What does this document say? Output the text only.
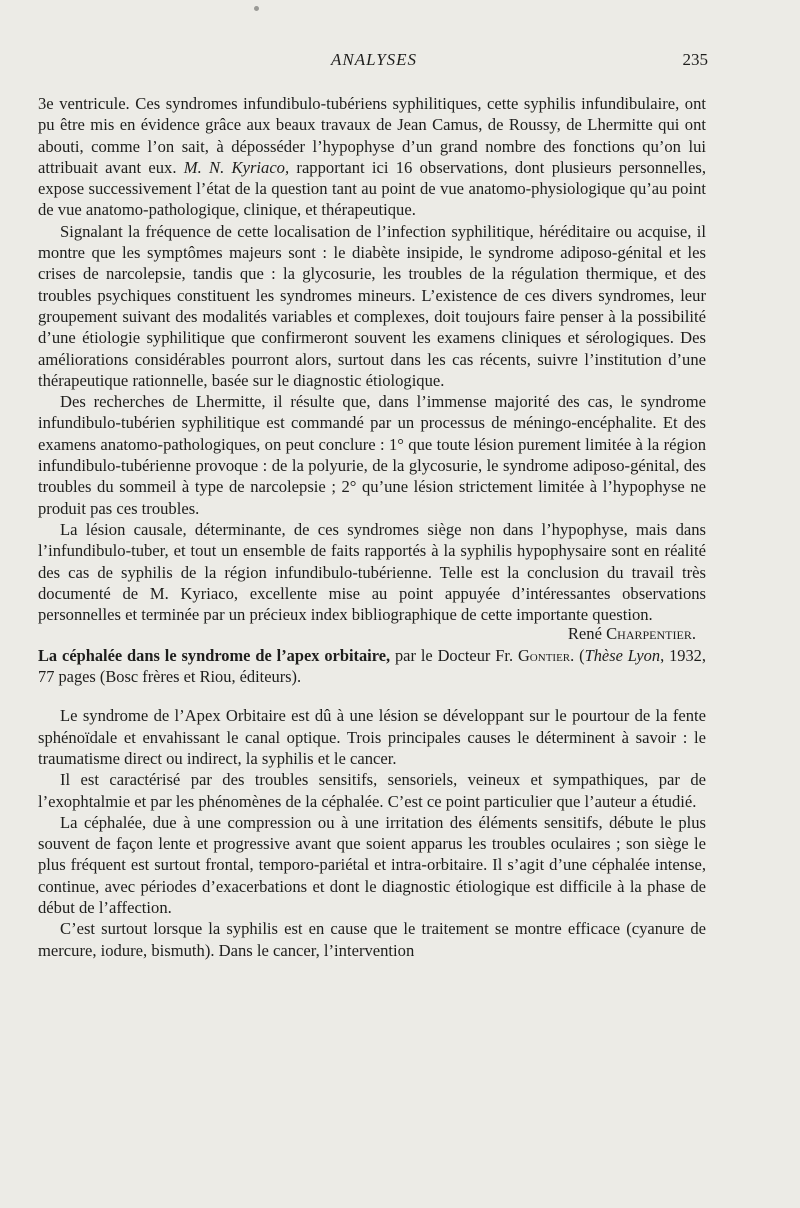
ANALYSES	235

3e ventricule. Ces syndromes infundibulo-tubériens syphilitiques, cette syphilis infundibulaire, ont pu être mis en évidence grâce aux beaux travaux de Jean Camus, de Roussy, de Lhermitte qui ont abouti, comme l’on sait, à déposséder l’hypophyse d’un grand nombre des fonctions qu’on lui attribuait avant eux. M. N. Kyriaco, rapportant ici 16 observations, dont plusieurs personnelles, expose successivement l’état de la question tant au point de vue anatomo-physiologique qu’au point de vue anatomo-pathologique, clinique, et thérapeutique.

Signalant la fréquence de cette localisation de l’infection syphilitique, héréditaire ou acquise, il montre que les symptômes majeurs sont : le diabète insipide, le syndrome adiposo-génital et les crises de narcolepsie, tandis que : la glycosurie, les troubles de la régulation thermique, et des troubles psychiques constituent les syndromes mineurs. L’existence de ces divers syndromes, leur groupement suivant des modalités variables et complexes, doit toujours faire penser à la possibilité d’une étiologie syphilitique que confirmeront souvent les examens cliniques et sérologiques. Des améliorations considérables pourront alors, surtout dans les cas récents, suivre l’institution d’une thérapeutique rationnelle, basée sur le diagnostic étiologique.

Des recherches de Lhermitte, il résulte que, dans l’immense majorité des cas, le syndrome infundibulo-tubérien syphilitique est commandé par un processus de méningo-encéphalite. Et des examens anatomo-pathologiques, on peut conclure : 1° que toute lésion purement limitée à la région infundibulo-tubérienne provoque : de la polyurie, de la glycosurie, le syndrome adiposo-génital, des troubles du sommeil à type de narcolepsie ; 2° qu’une lésion strictement limitée à l’hypophyse ne produit pas ces troubles.

La lésion causale, déterminante, de ces syndromes siège non dans l’hypophyse, mais dans l’infundibulo-tuber, et tout un ensemble de faits rapportés à la syphilis hypophysaire sont en réalité des cas de syphilis de la région infundibulo-tubérienne. Telle est la conclusion du travail très documenté de M. Kyriaco, excellente mise au point appuyée d’intéressantes observations personnelles et terminée par un précieux index bibliographique de cette importante question.

René Charpentier.

La céphalée dans le syndrome de l’apex orbitaire, par le Docteur Fr. Gontier. (Thèse Lyon, 1932, 77 pages (Bosc frères et Riou, éditeurs).

Le syndrome de l’Apex Orbitaire est dû à une lésion se développant sur le pourtour de la fente sphénoïdale et envahissant le canal optique. Trois principales causes le déterminent à savoir : le traumatisme direct ou indirect, la syphilis et le cancer.

Il est caractérisé par des troubles sensitifs, sensoriels, veineux et sympathiques, par de l’exophtalmie et par les phénomènes de la céphalée. C’est ce point particulier que l’auteur a étudié.

La céphalée, due à une compression ou à une irritation des éléments sensitifs, débute le plus souvent de façon lente et progressive avant que soient apparus les troubles oculaires ; son siège le plus fréquent est surtout frontal, temporo-pariétal et intra-orbitaire. Il s’agit d’une céphalée intense, continue, avec périodes d’exacerbations et dont le diagnostic étiologique est difficile à la phase de début de l’affection.

C’est surtout lorsque la syphilis est en cause que le traitement se montre efficace (cyanure de mercure, iodure, bismuth). Dans le cancer, l’intervention
